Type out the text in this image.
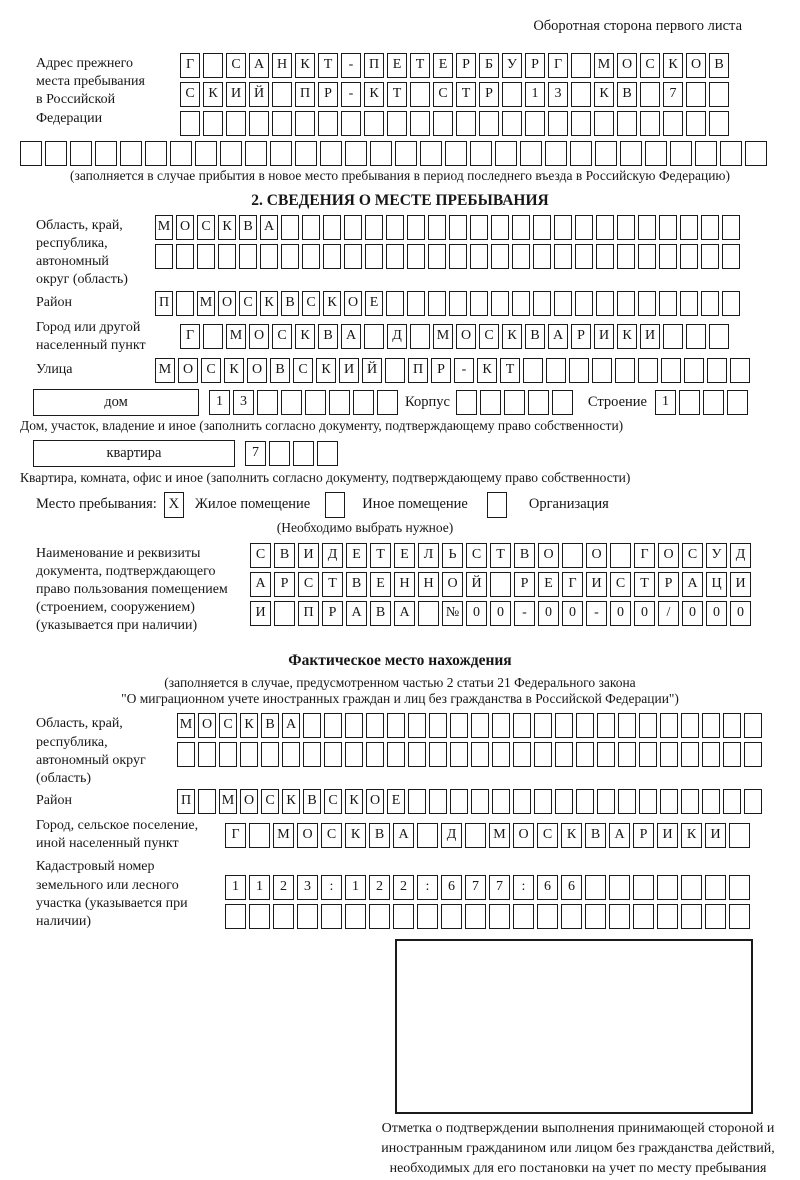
Оборотная сторона первого листа
Адрес прежнего места пребывания в Российской Федерации
Г	С А Н К	Т	-	П Е	Т	Е	Р	Б	У	Р	Г	М О С К О В
С К И Й	П	Р	-	К	Т	С	Т	Р	1	3	К В	7
(заполняется в случае прибытия в новое место пребывания в период последнего въезда в Российскую Федерацию)
2. СВЕДЕНИЯ О МЕСТЕ ПРЕБЫВАНИЯ
Область, край, республика, автономный округ (область)
М О С К В А
Район	П М О С К В С К О Е
Город или другой населенный пункт
Г	М О С К В А	Д	М О С К В А	Р	И К И
Улица	М О С К О В С К И Й	П	Р	-	К	Т
дом	1	3	Корпус	Строение	1
Дом, участок, владение и иное (заполнить согласно документу, подтверждающему право собственности)
квартира	7
Квартира, комната, офис и иное (заполнить согласно документу, подтверждающему право собственности)
Место пребывания: X	Жилое помещение	Иное помещение	Организация
(Необходимо выбрать нужное)
Наименование и реквизиты документа, подтверждающего право пользования помещением (строением, сооружением) (указывается при наличии)
С	В	И	Д	Е	Т	Е	Л	Ь	С	Т	В	О	О	Г	О	С	У	Д
А	Р	С	Т	В	Е	Н Н О Й	Р	Е	Г	И	С	Т	Р	А Ц И
И	П	Р	А	В	А	№ 0	0	-	0	0	-	0	0	/	0	0	0
Фактическое место нахождения
(заполняется в случае, предусмотренном частью 2 статьи 21 Федерального закона
"О миграционном учете иностранных граждан и лиц без гражданства в Российской Федерации")
Область, край, республика, автономный округ (область)
М О С К В А
Район	П М О С К В С К О Е
Город, сельское поселение, иной населенный пункт
Г	М О	С	К	В	А	Д	М О	С	К	В	А	Р	И	К	И
Кадастровый номер земельного или лесного участка (указывается при наличии)
1	1	2	3	:	1	2	2	:	6	7	7	:	6	6
Отметка о подтверждении выполнения принимающей стороной и иностранным гражданином или лицом без гражданства действий, необходимых для его постановки на учет по месту пребывания
